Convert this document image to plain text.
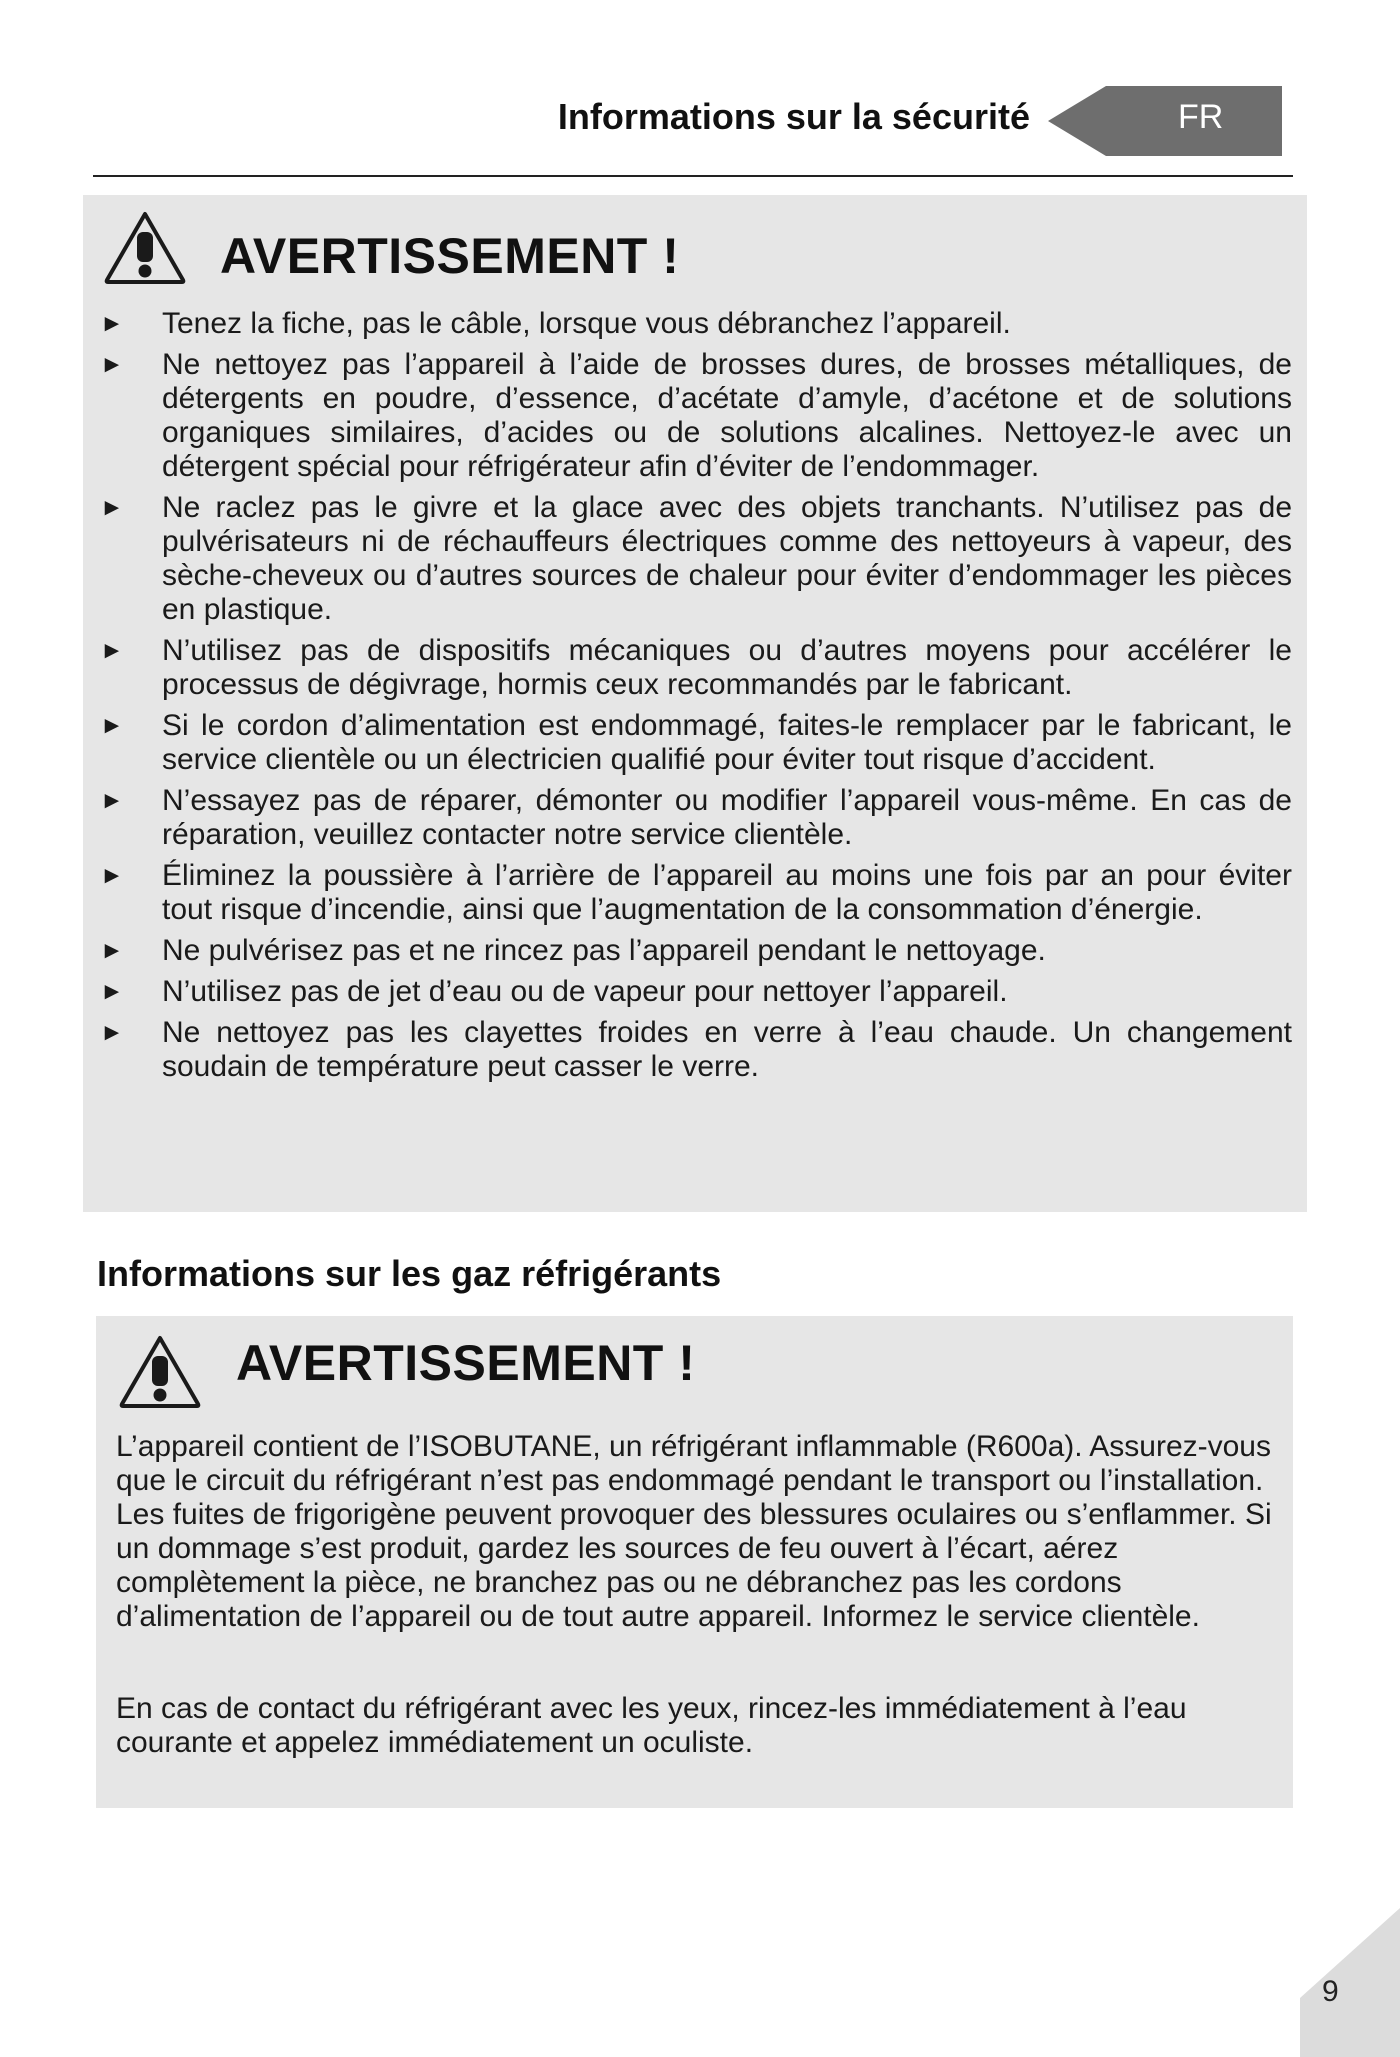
Informations sur la sécurité	FR
AVERTISSEMENT !
► Tenez la fiche, pas le câble, lorsque vous débranchez l’appareil.
► Ne nettoyez pas l’appareil à l’aide de brosses dures, de brosses métalliques, de détergents en poudre, d’essence, d’acétate d’amyle, d’acétone et de solutions organiques similaires, d’acides ou de solutions alcalines. Nettoyez-le avec un détergent spécial pour réfrigérateur afin d’éviter de l’endommager.
► Ne raclez pas le givre et la glace avec des objets tranchants. N’utilisez pas de pulvérisateurs ni de réchauffeurs électriques comme des nettoyeurs à vapeur, des sèche-cheveux ou d’autres sources de chaleur pour éviter d’endommager les pièces en plastique.
► N’utilisez pas de dispositifs mécaniques ou d’autres moyens pour accélérer le processus de dégivrage, hormis ceux recommandés par le fabricant.
► Si le cordon d’alimentation est endommagé, faites-le remplacer par le fabricant, le service clientèle ou un électricien qualifié pour éviter tout risque d’accident.
► N’essayez pas de réparer, démonter ou modifier l’appareil vous-même. En cas de réparation, veuillez contacter notre service clientèle.
► Éliminez la poussière à l’arrière de l’appareil au moins une fois par an pour éviter tout risque d’incendie, ainsi que l’augmentation de la consommation d’énergie.
► Ne pulvérisez pas et ne rincez pas l’appareil pendant le nettoyage.
► N’utilisez pas de jet d’eau ou de vapeur pour nettoyer l’appareil.
► Ne nettoyez pas les clayettes froides en verre à l’eau chaude. Un changement soudain de température peut casser le verre.
Informations sur les gaz réfrigérants
AVERTISSEMENT !

L’appareil contient de l’ISOBUTANE, un réfrigérant inflammable (R600a). Assurez-vous que le circuit du réfrigérant n’est pas endommagé pendant le transport ou l’installation. Les fuites de frigorigène peuvent provoquer des blessures oculaires ou s’enflammer. Si un dommage s’est produit, gardez les sources de feu ouvert à l’écart, aérez complètement la pièce, ne branchez pas ou ne débranchez pas les cordons d’alimentation de l’appareil ou de tout autre appareil. Informez le service clientèle.

En cas de contact du réfrigérant avec les yeux, rincez-les immédiatement à l’eau courante et appelez immédiatement un oculiste.

9
